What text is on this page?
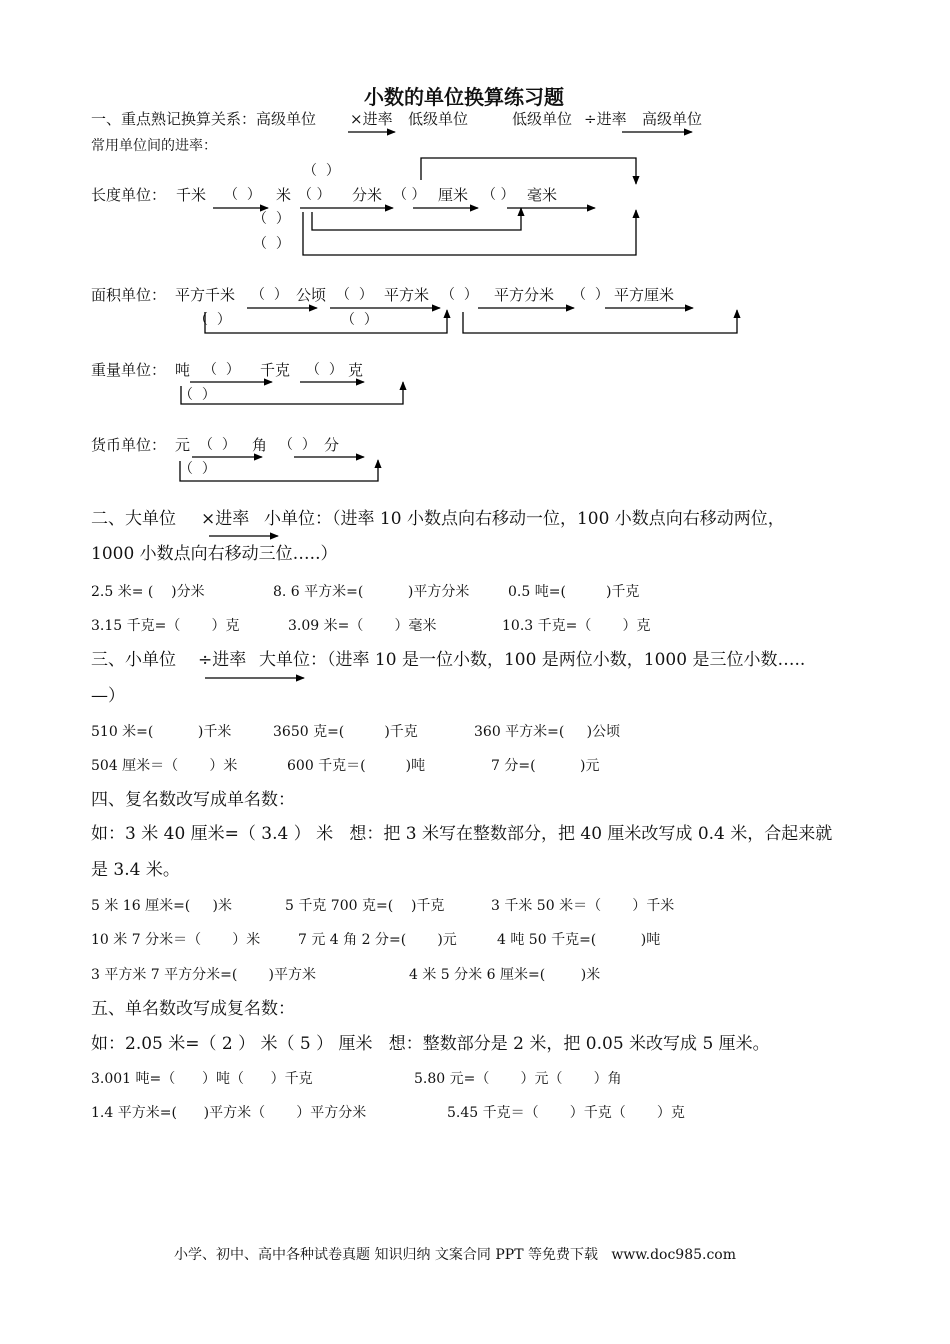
小数的单位换算练习题
一、重点熟记换算关系：高级单位 ×进率 低级单位	低级单位 ÷进率 高级单位
常用单位间的进率：
长度单位： 千米 （  ） 米 （ ） 分米 （ ） 厘米 （ ） 毫米
（  ）
（  ）
（  ）
面积单位： 平方千米 （  ） 公顷 （  ） 平方米 （  ） 平方分米 （  ） 平方厘米
（  ）	（  ）
重量单位： 吨 （  ） 千克 （  ） 克
（  ）
货币单位： 元 （  ） 角 （  ） 分
（  ）
二、大单位 ×进率 小单位：（进率 10 小数点向右移动一位，100 小数点向右移动两位，
1000 小数点向右移动三位…..）
2.5 米= (    )分米	8. 6 平方米=(          )平方分米	0.5 吨=(         )千克
3.15 千克=（       ）克	3.09 米=（       ）毫米	10.3 千克=（       ）克
三、小单位 ÷进率 大单位：（进率 10 是一位小数，100 是两位小数，1000 是三位小数…..
—）
510 米=(          )千米	3650 克=(         )千克	360 平方米=(     )公顷
504 厘米＝（       ）米	600 千克＝(         )吨	7 分=(          )元
四、复名数改写成单名数：
如：3 米 40 厘米=（ 3.4 ） 米   想：把 3 米写在整数部分，把 40 厘米改写成 0.4 米，合起来就
是 3.4 米。
5 米 16 厘米=(     )米	5 千克 700 克=(    )千克	3 千米 50 米＝（       ）千米
10 米 7 分米＝（       ）米	7 元 4 角 2 分=(       )元	4 吨 50 千克=(          )吨
3 平方米 7 平方分米=(       )平方米	4 米 5 分米 6 厘米=(        )米
五、单名数改写成复名数：
如：2.05 米=（ 2 ） 米（ 5 ） 厘米   想：整数部分是 2 米，把 0.05 米改写成 5 厘米。
3.001 吨=（      ）吨（      ）千克	5.80 元=（       ）元（       ）角
1.4 平方米=(      )平方米（       ）平方分米	5.45 千克＝（       ）千克（       ）克
小学、初中、高中各种试卷真题 知识归纳 文案合同 PPT 等免费下载   www.doc985.com
